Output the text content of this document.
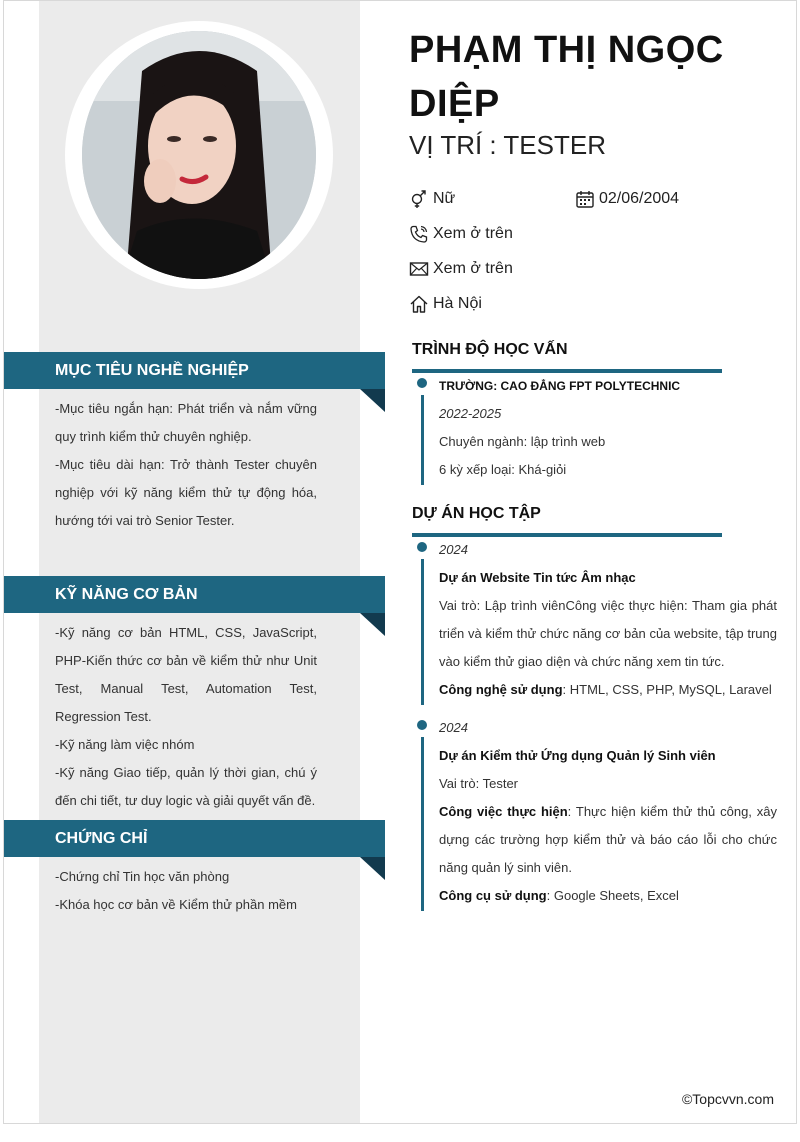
MỤC TIÊU NGHỀ NGHIỆP

-Mục tiêu ngắn hạn: Phát triển và nắm vững quy trình kiểm thử chuyên nghiệp.

-Mục tiêu dài hạn: Trở thành Tester chuyên nghiệp với kỹ năng kiểm thử tự động hóa, hướng tới vai trò Senior Tester.

KỸ NĂNG CƠ BẢN

-Kỹ năng cơ bản HTML, CSS, JavaScript, PHP-Kiến thức cơ bản về kiểm thử như Unit Test, Manual Test, Automation Test, Regression Test.

-Kỹ năng làm việc nhóm

-Kỹ năng Giao tiếp, quản lý thời gian, chú ý đến chi tiết, tư duy logic và giải quyết vấn đề.

CHỨNG CHỈ

-Chứng chỉ Tin học văn phòng

-Khóa học cơ bản về Kiểm thử phần mềm

PHẠM THỊ NGỌC DIỆP
VỊ TRÍ : TESTER
Nữ	02/06/2004
Xem ở trên
Xem ở trên
Hà Nội
TRÌNH ĐỘ HỌC VẤN

TRƯỜNG: CAO ĐẲNG FPT POLYTECHNIC

2022-2025

Chuyên ngành: lập trình web

6 kỳ xếp loại: Khá-giỏi

DỰ ÁN HỌC TẬP

2024

Dự án Website Tin tức Âm nhạc

Vai trò: Lập trình viênCông việc thực hiện: Tham gia phát triển và kiểm thử chức năng cơ bản của website, tập trung vào kiểm thử giao diện và chức năng xem tin tức.

Công nghệ sử dụng: HTML, CSS, PHP, MySQL, Laravel

2024

Dự án Kiểm thử Ứng dụng Quản lý Sinh viên

Vai trò: Tester

Công việc thực hiện: Thực hiện kiểm thử thủ công, xây dựng các trường hợp kiểm thử và báo cáo lỗi cho chức năng quản lý sinh viên.

Công cụ sử dụng: Google Sheets, Excel

©Topcvvn.com
